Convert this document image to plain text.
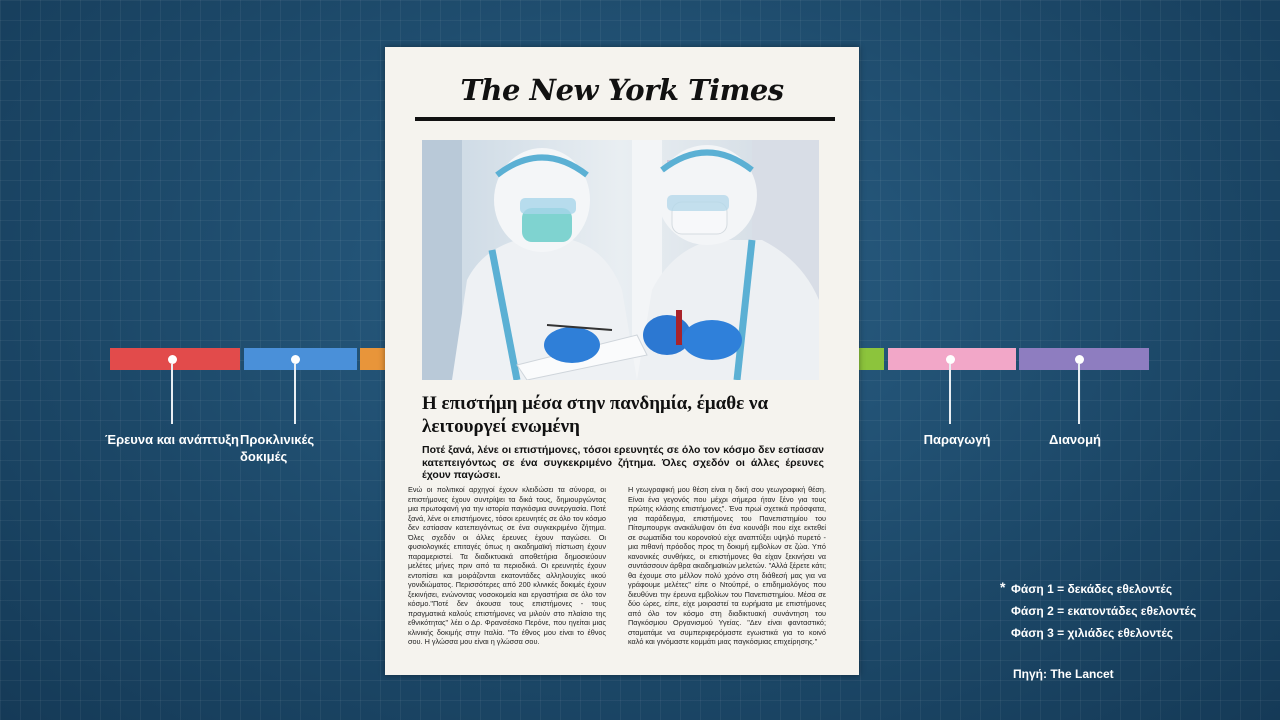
Έρευνα και ανάπτυξη Προκλινικές δοκιμές
Παραγωγή	Διανομή
* Φάση 1 = δεκάδες εθελοντές
Φάση 2 = εκατοντάδες εθελοντές
Φάση 3 = χιλιάδες εθελοντές
Πηγή: The Lancet
The New York Times
Η επιστήμη μέσα στην πανδημία, έμαθε να λειτουργεί ενωμένη
Ποτέ ξανά, λένε οι επιστήμονες, τόσοι ερευνητές σε όλο τον κόσμο δεν εστίασαν κατεπειγόντως σε ένα συγκεκριμένο ζήτημα. Όλες σχεδόν οι άλλες έρευνες έχουν παγώσει.
Ενώ οι πολιτικοί αρχηγοί έχουν κλειδώσει τα σύνορα, οι επιστήμονες έχουν συντρίψει τα δικά τους, δημιουργώντας μια πρωτοφανή για την ιστορία παγκόσμια συνεργασία. Ποτέ ξανά, λένε οι επιστήμονες, τόσοι ερευνητές σε όλο τον κόσμο δεν εστίασαν κατεπειγόντως σε ένα συγκεκριμένο ζήτημα. Όλες σχεδόν οι άλλες έρευνες έχουν παγώσει. Οι φυσιολογικές επιταγές όπως η ακαδημαϊκή πίστωση έχουν παραμεριστεί. Τα διαδικτυακά αποθετήρια δημοσιεύουν μελέτες μήνες πριν από τα περιοδικά. Οι ερευνητές έχουν εντοπίσει και μοιράζονται εκατοντάδες αλληλουχίες ιικού γονιδιώματος. Περισσότερες από 200 κλινικές δοκιμές έχουν ξεκινήσει, ενώνοντας νοσοκομεία και εργαστήρια σε όλο τον κόσμο."Ποτέ δεν άκουσα τους επιστήμονες - τους πραγματικά καλούς επιστήμονες να μιλούν στο πλαίσιο της εθνικότητας" λέει ο Δρ. Φρανσέσκο Περόνε, που ηγείται μιας κλινικής δοκιμής στην Ιταλία. "Το έθνος μου είναι το έθνος σου. Η γλώσσα μου είναι η γλώσσα σου.
Η γεωγραφική μου θέση είναι η δική σου γεωγραφική θέση. Είναι ένα γεγονός που μέχρι σήμερα ήταν ξένο για τους πρώτης κλάσης επιστήμονες". Ένα πρωί σχετικά πρόσφατα, για παράδειγμα, επιστήμονες του Πανεπιστημίου του Πίτσμπουργκ ανακάλυψαν ότι ένα κουνάβι που είχε εκτεθεί σε σωματίδια του κορονοϊού είχε αναπτύξει υψηλό πυρετό - μια πιθανή πρόοδος προς τη δοκιμή εμβολίων σε ζώα. Υπό κανονικές συνθήκες, οι επιστήμονες θα είχαν ξεκινήσει να συντάσσουν άρθρα ακαδημαϊκών μελετών. "Αλλά ξέρετε κάτι; θα έχουμε στο μέλλον πολύ χρόνο στη διάθεσή μας για να γράφουμε μελέτες" είπε ο Ντούπρέ, ο επιδημιολόγος που διευθύνει την έρευνα εμβολίων του Πανεπιστημίου. Μέσα σε δύο ώρες, είπε, είχε μοιραστεί τα ευρήματα με επιστήμονες από όλο τον κόσμο στη διαδικτυακή συνάντηση του Παγκόσμιου Οργανισμού Υγείας. "Δεν είναι φανταστικό; σταματάμε να συμπεριφερόμαστε εγωιστικά για το κοινό καλό και γινόμαστε κομμάτι μιας παγκόσμιας επιχείρησης."
